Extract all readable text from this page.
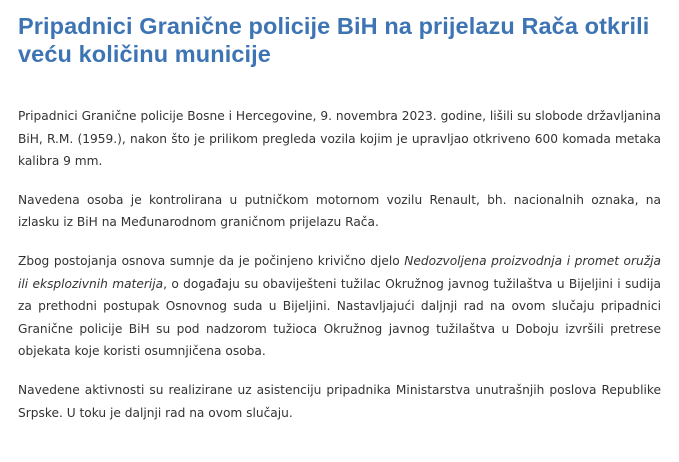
Pripadnici Granične policije BiH na prijelazu Rača otkrili veću količinu municije

Pripadnici Granične policije Bosne i Hercegovine, 9. novembra 2023. godine, lišili su slobode državljanina BiH, R.M. (1959.), nakon što je prilikom pregleda vozila kojim je upravljao otkriveno 600 komada metaka kalibra 9 mm.

Navedena osoba je kontrolirana u putničkom motornom vozilu Renault, bh. nacionalnih oznaka, na izlasku iz BiH na Međunarodnom graničnom prijelazu Rača.

Zbog postojanja osnova sumnje da je počinjeno krivično djelo Nedozvoljena proizvodnja i promet oružja ili eksplozivnih materija, o događaju su obaviješteni tužilac Okružnog javnog tužilaštva u Bijeljini i sudija za prethodni postupak Osnovnog suda u Bijeljini. Nastavljajući daljnji rad na ovom slučaju pripadnici Granične policije BiH su pod nadzorom tužioca Okružnog javnog tužilaštva u Doboju izvršili pretrese objekata koje koristi osumnjičena osoba.

Navedene aktivnosti su realizirane uz asistenciju pripadnika Ministarstva unutrašnjih poslova Republike Srpske. U toku je daljnji rad na ovom slučaju.
